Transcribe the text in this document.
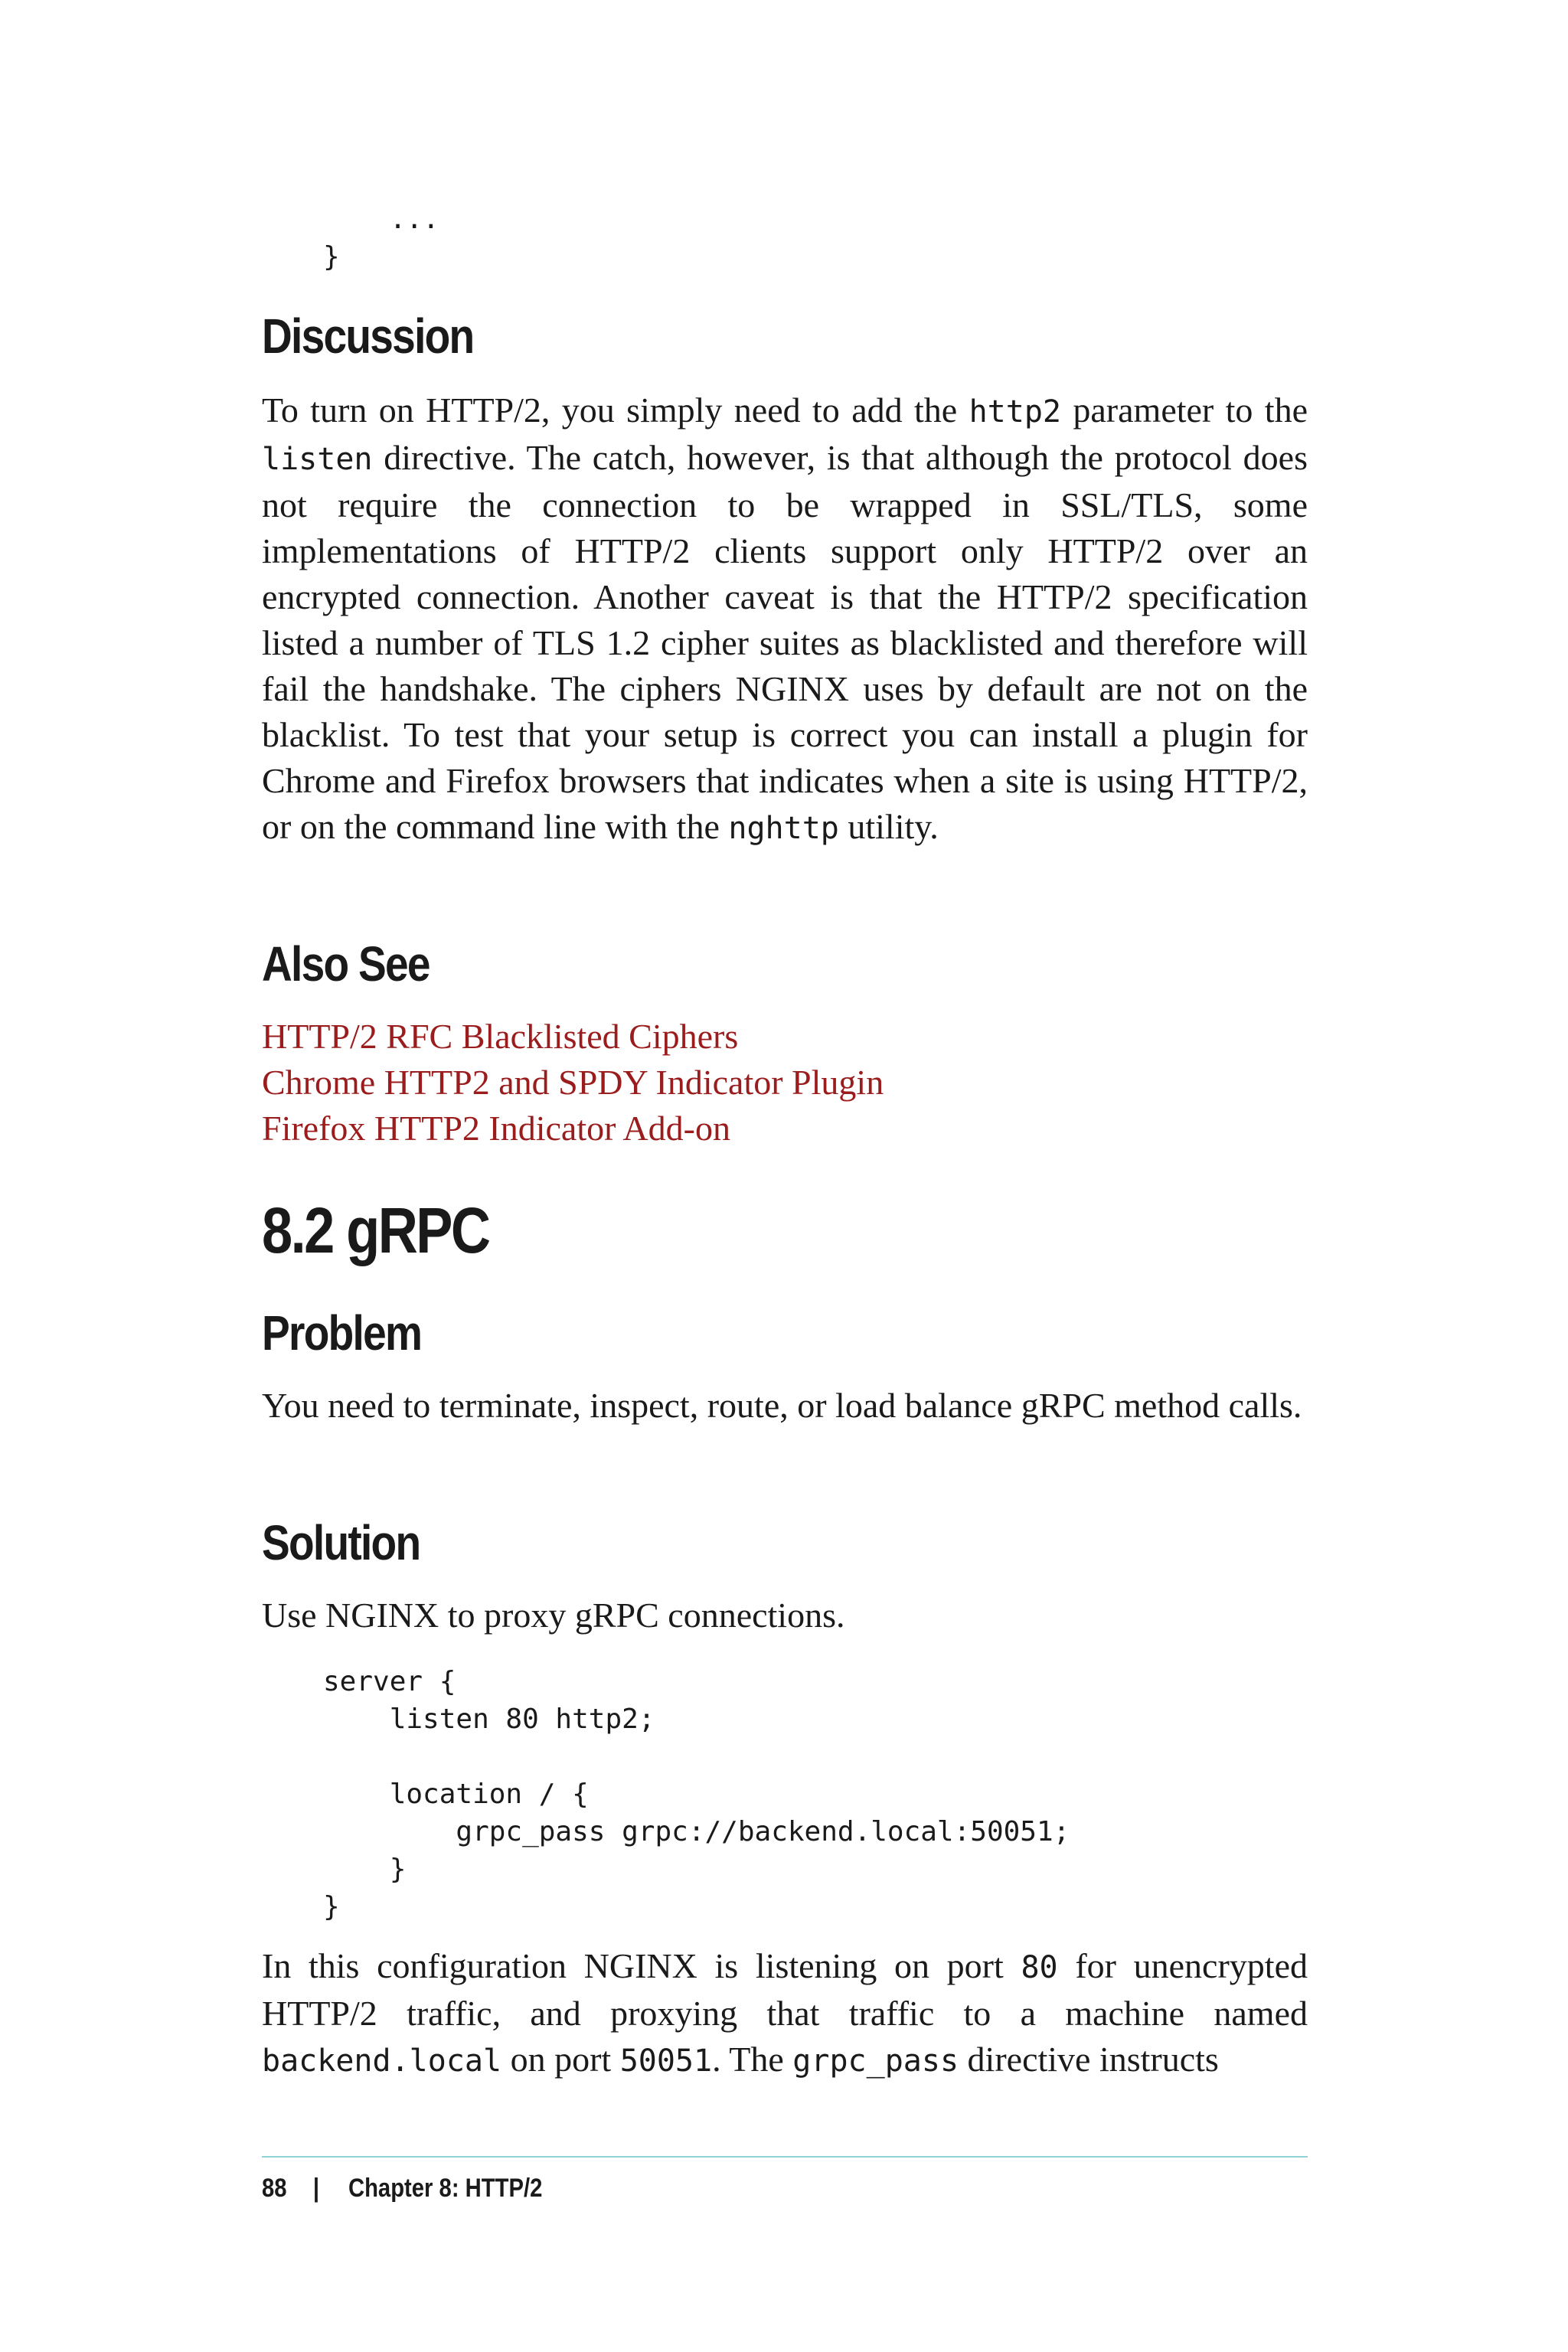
...
}
Discussion

To turn on HTTP/2, you simply need to add the http2 parameter to the listen directive. The catch, however, is that although the protocol does not require the connection to be wrapped in SSL/TLS, some implementations of HTTP/2 clients support only HTTP/2 over an encrypted connection. Another caveat is that the HTTP/2 specification listed a number of TLS 1.2 cipher suites as blacklisted and therefore will fail the handshake. The ciphers NGINX uses by default are not on the blacklist. To test that your setup is correct you can install a plugin for Chrome and Firefox browsers that indicates when a site is using HTTP/2, or on the command line with the nghttp utility.

Also See
HTTP/2 RFC Blacklisted Ciphers
Chrome HTTP2 and SPDY Indicator Plugin
Firefox HTTP2 Indicator Add-on
8.2 gRPC
Problem

You need to terminate, inspect, route, or load balance gRPC method calls.

Solution

Use NGINX to proxy gRPC connections.

server {
listen 80 http2;

location / {
grpc_pass grpc://backend.local:50051;
}
}

In this configuration NGINX is listening on port 80 for unencrypted HTTP/2 traffic, and proxying that traffic to a machine named backend.local on port 50051. The grpc_pass directive instructs

88 | Chapter 8: HTTP/2
